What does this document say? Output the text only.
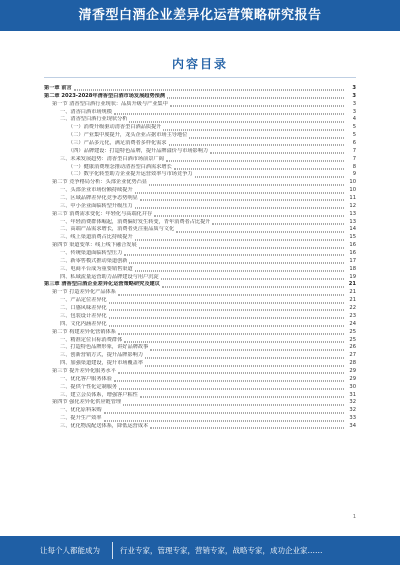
清香型白酒企业差异化运营策略研究报告
内容目录
第一章 前言	3
第二章 2023-2028年清香型白酒市场发展趋势预测	3
第一节 清香型白酒行业现状：品质升级与产业集中	3
一、清香白酒市场规模	3
二、清香型白酒行业现状分析	4
（一）消费升级驱动清香型白酒品质提升	5
（二）产业集中度提升，龙头企业占据市场主导地位	5
（三）产品多元化，满足消费者多样化需求	6
（四）品牌建设：打造特色品牌，提升品牌溢价与市场影响力	7
三、未来发展趋势：清香型白酒市场前景广阔	7
（一）健康消费理念推动清香型白酒需求增长	8
（二）数字化转型助力企业提升运营效率与市场竞争力	9
第二节 竞争格局分析：头部企业优势凸显	10
一、头部企业市场份额持续提升	10
二、区域品牌差异化竞争态势明显	11
三、中小企业面临转型升级压力	12
第三节 消费需求变化：年轻化与高端化并存	13
一、年轻消费群体崛起，消费偏好发生转变，青年消费者占比提升	13
二、高端产品需求增长，消费者更注重品质与文化	14
三、线上渠道消费占比持续提升	15
第四节 渠道变革：线上线下融合发展	16
一、传统渠道面临转型压力	16
二、新零售模式推动渠道创新	17
三、电商平台成为重要销售渠道	18
四、私域流量运营助力品牌建设与用户沉淀	19
第三章 清香型白酒企业差异化运营策略研究及建议	21
第一节 打造差异化产品体系	21
一、产品定位差异化	21
二、口感风味差异化	22
三、包装设计差异化	23
四、文化内涵差异化	24
第二节 构建差异化营销体系	25
一、精准定位目标消费群体	25
二、打造特色品牌形象，讲好品牌故事	26
三、创新营销方式，提升品牌影响力	27
四、加强渠道建设，提升市场覆盖率	28
第三节 提升差异化服务水平	29
一、优化客户服务体验	29
二、提供个性化定制服务	30
三、建立会员体系，增强客户粘性	31
第四节 强化差异化供应链管理	32
一、优化原料采购	32
二、提升生产效率	33
三、优化物流配送体系，降低运营成本	34
1
让每个人都能成为	行业专家，管理专家，营销专家，战略专家，成功企业家……
